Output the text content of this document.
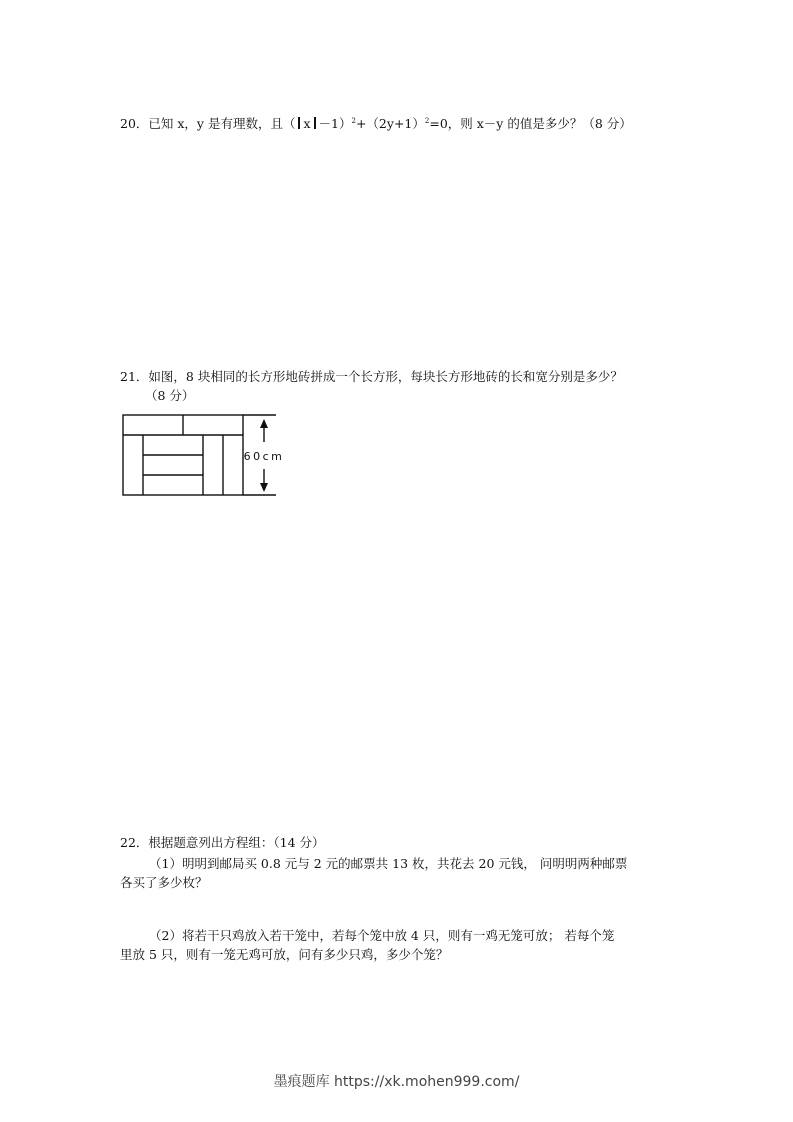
20．已知 x，y 是有理数，且（ $x -1)^2+(2y+1)^2=0$，则 x－y 的值是多少？（8 分）
21．如图，8 块相同的长方形地砖拼成一个长方形，每块长方形地砖的长和宽分别是多少？
（8 分）
60cm
22．根据题意列出方程组：（14 分）
（1）明明到邮局买 0.8 元与 2 元的邮票共 13 枚，共花去 20 元钱， 问明明两种邮票
各买了多少枚？
（2）将若干只鸡放入若干笼中，若每个笼中放 4 只，则有一鸡无笼可放； 若每个笼
里放 5 只，则有一笼无鸡可放，问有多少只鸡，多少个笼？
墨痕题库 https://xk.mohen999.com/
